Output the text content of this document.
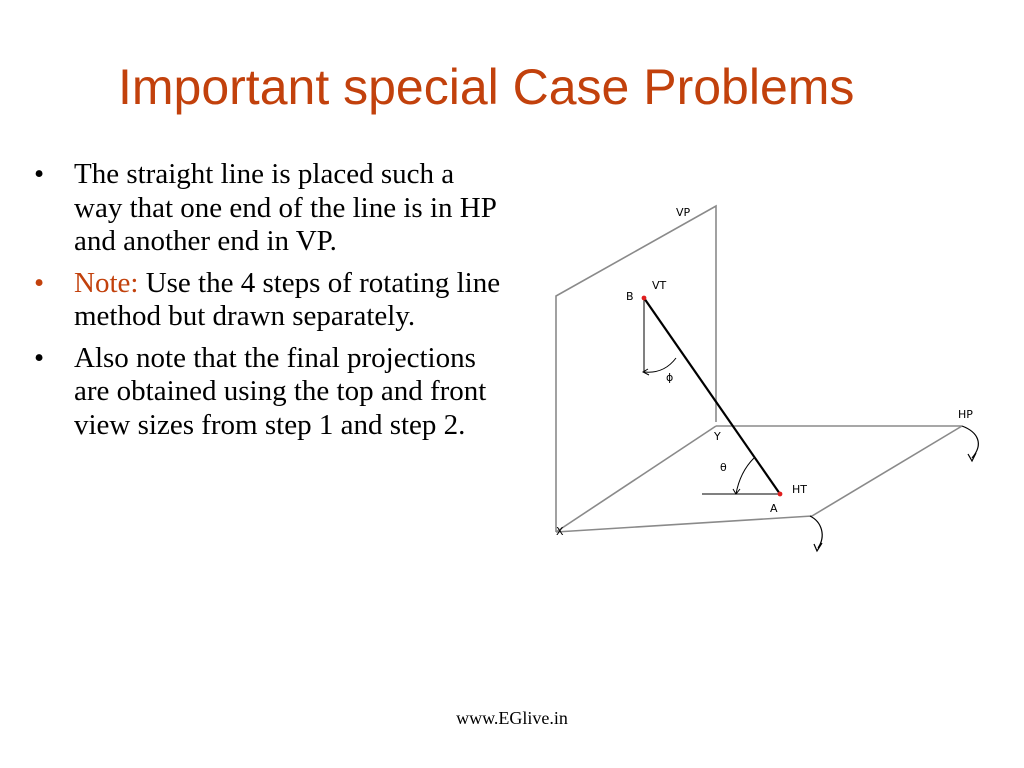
Important special Case Problems
•	The straight line is placed such a way that one end of the line is in HP and another end in VP.
•	Note: Use the 4 steps of rotating line method but drawn separately.
•	Also note that the final projections are obtained using the top and front view sizes from step 1 and step 2.
VP
HP
B
VT
ϕ
Y
θ
HT
A
X
www.EGlive.in
